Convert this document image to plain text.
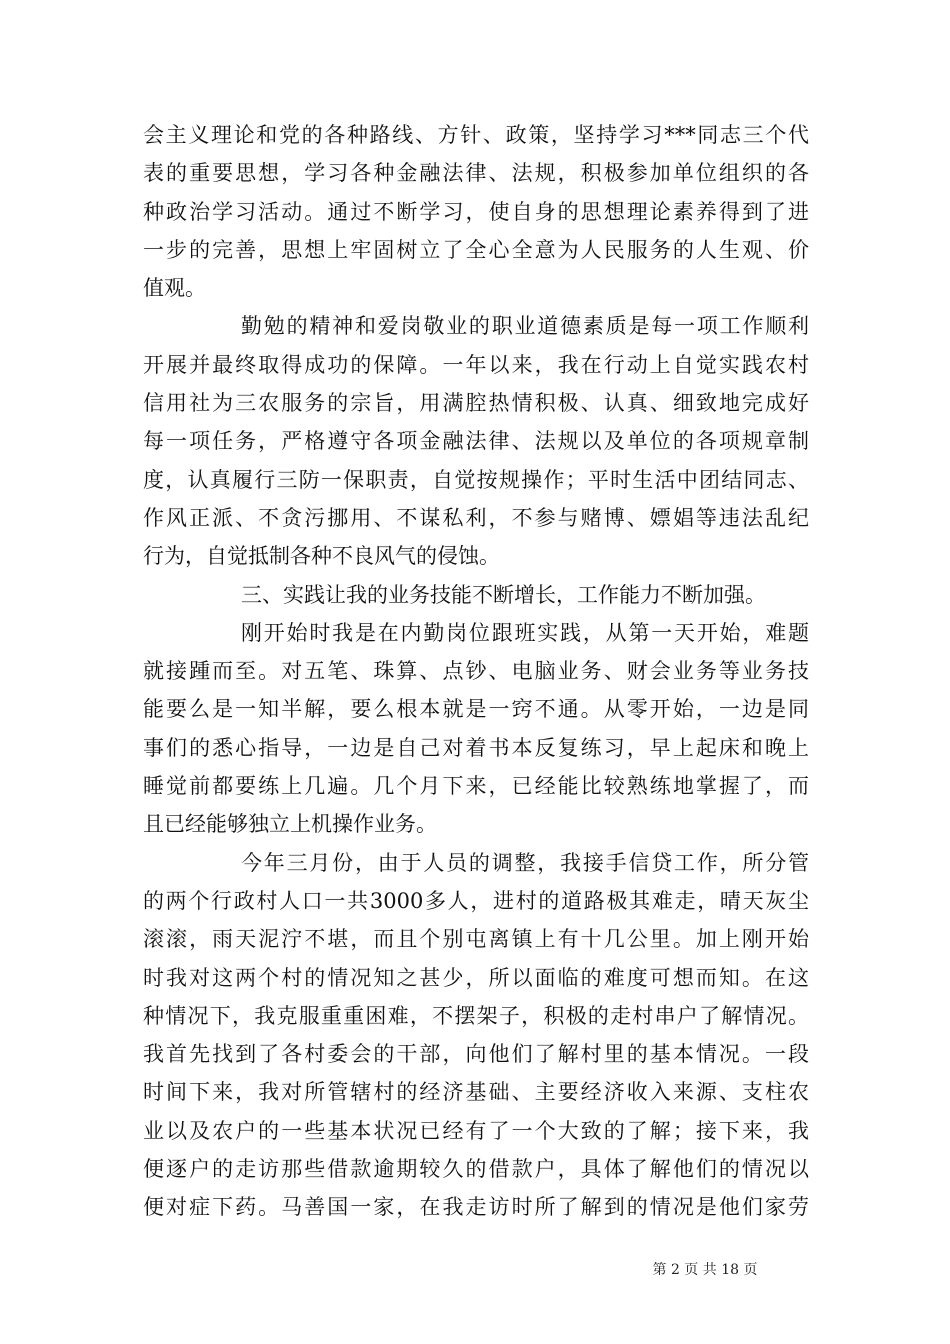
会主义理论和党的各种路线、方针、政策，坚持学习***同志三个代
表的重要思想，学习各种金融法律、法规，积极参加单位组织的各
种政治学习活动。通过不断学习，使自身的思想理论素养得到了进
一步的完善，思想上牢固树立了全心全意为人民服务的人生观、价
值观。
勤勉的精神和爱岗敬业的职业道德素质是每一项工作顺利
开展并最终取得成功的保障。一年以来，我在行动上自觉实践农村
信用社为三农服务的宗旨，用满腔热情积极、认真、细致地完成好
每一项任务，严格遵守各项金融法律、法规以及单位的各项规章制
度，认真履行三防一保职责，自觉按规操作；平时生活中团结同志、
作风正派、不贪污挪用、不谋私利，不参与赌博、嫖娼等违法乱纪
行为，自觉抵制各种不良风气的侵蚀。
三、实践让我的业务技能不断增长，工作能力不断加强。
刚开始时我是在内勤岗位跟班实践，从第一天开始，难题
就接踵而至。对五笔、珠算、点钞、电脑业务、财会业务等业务技
能要么是一知半解，要么根本就是一窍不通。从零开始，一边是同
事们的悉心指导，一边是自己对着书本反复练习，早上起床和晚上
睡觉前都要练上几遍。几个月下来，已经能比较熟练地掌握了，而
且已经能够独立上机操作业务。
今年三月份，由于人员的调整，我接手信贷工作，所分管
的两个行政村人口一共3000多人，进村的道路极其难走，晴天灰尘
滚滚，雨天泥泞不堪，而且个别屯离镇上有十几公里。加上刚开始
时我对这两个村的情况知之甚少，所以面临的难度可想而知。在这
种情况下，我克服重重困难，不摆架子，积极的走村串户了解情况。
我首先找到了各村委会的干部，向他们了解村里的基本情况。一段
时间下来，我对所管辖村的经济基础、主要经济收入来源、支柱农
业以及农户的一些基本状况已经有了一个大致的了解；接下来，我
便逐户的走访那些借款逾期较久的借款户，具体了解他们的情况以
便对症下药。马善国一家，在我走访时所了解到的情况是他们家劳
第 2 页 共 18 页
